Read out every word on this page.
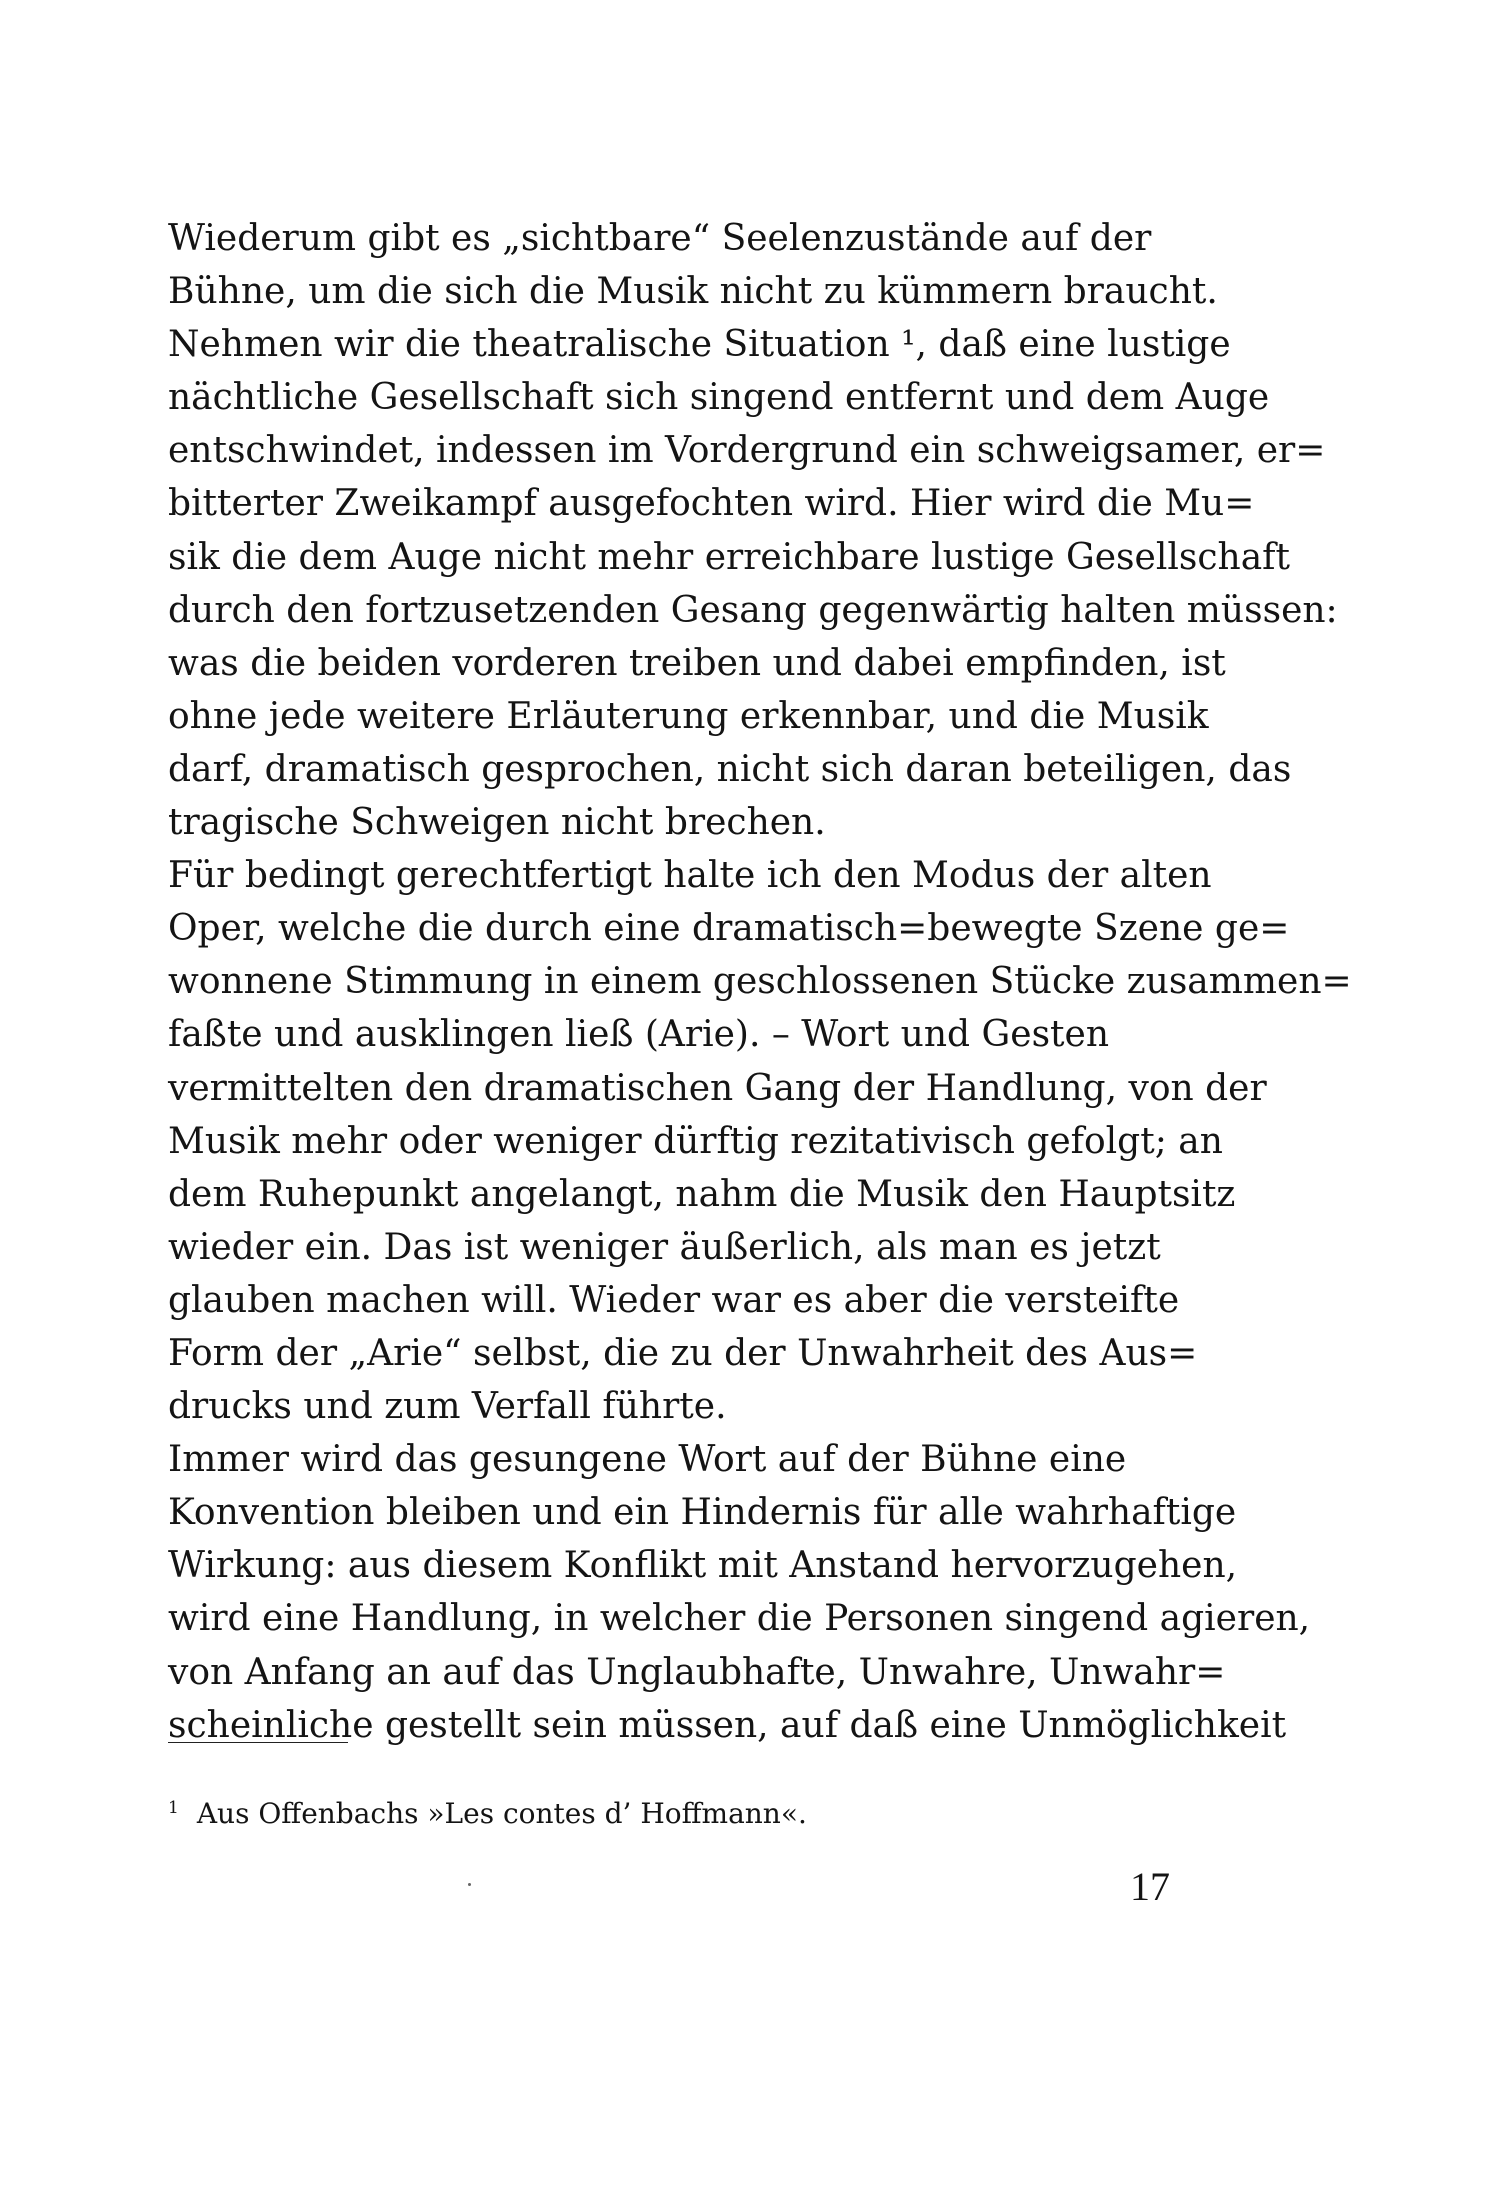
Wiederum gibt es „sichtbare“ Seelenzustände auf der
Bühne, um die sich die Musik nicht zu kümmern braucht.
Nehmen wir die theatralische Situation ¹, daß eine lustige
nächtliche Gesellschaft sich singend entfernt und dem Auge
entschwindet, indessen im Vordergrund ein schweigsamer, er=
bitterter Zweikampf ausgefochten wird. Hier wird die Mu=
sik die dem Auge nicht mehr erreichbare lustige Gesellschaft
durch den fortzusetzenden Gesang gegenwärtig halten müssen:
was die beiden vorderen treiben und dabei empfinden, ist
ohne jede weitere Erläuterung erkennbar, und die Musik
darf, dramatisch gesprochen, nicht sich daran beteiligen, das
tragische Schweigen nicht brechen.
Für bedingt gerechtfertigt halte ich den Modus der alten
Oper, welche die durch eine dramatisch=bewegte Szene ge=
wonnene Stimmung in einem geschlossenen Stücke zusammen=
faßte und ausklingen ließ (Arie). – Wort und Gesten
vermittelten den dramatischen Gang der Handlung, von der
Musik mehr oder weniger dürftig rezitativisch gefolgt; an
dem Ruhepunkt angelangt, nahm die Musik den Hauptsitz
wieder ein. Das ist weniger äußerlich, als man es jetzt
glauben machen will. Wieder war es aber die versteifte
Form der „Arie“ selbst, die zu der Unwahrheit des Aus=
drucks und zum Verfall führte.
Immer wird das gesungene Wort auf der Bühne eine
Konvention bleiben und ein Hindernis für alle wahrhaftige
Wirkung: aus diesem Konflikt mit Anstand hervorzugehen,
wird eine Handlung, in welcher die Personen singend agieren,
von Anfang an auf das Unglaubhafte, Unwahre, Unwahr=
scheinliche gestellt sein müssen, auf daß eine Unmöglichkeit
$^1$ Aus Offenbachs »Les contes d’ Hoffmann«.
17
